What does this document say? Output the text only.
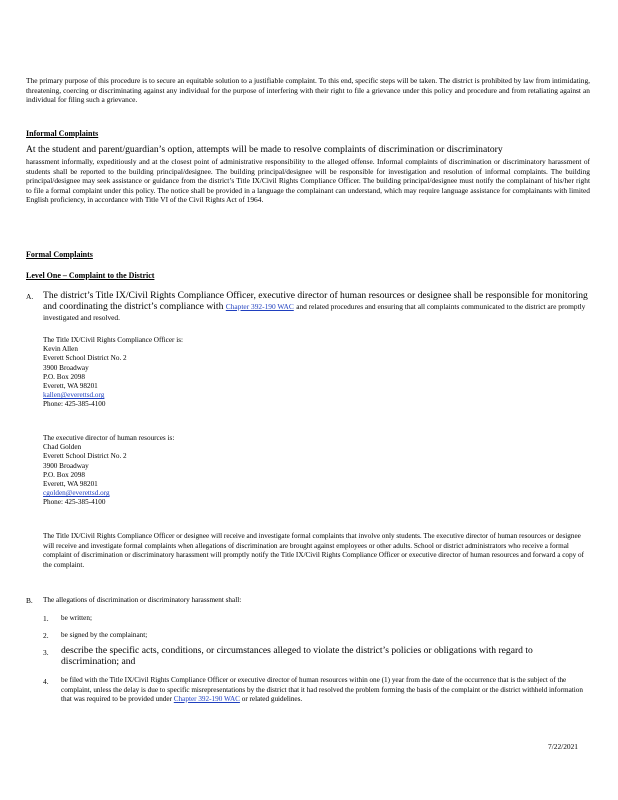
The primary purpose of this procedure is to secure an equitable solution to a justifiable complaint. To this end, specific steps will be taken. The district is prohibited by law from intimidating, threatening, coercing or discriminating against any individual for the purpose of interfering with their right to file a grievance under this policy and procedure and from retaliating against an individual for filing such a grievance.
Informal Complaints
At the student and parent/guardian’s option, attempts will be made to resolve complaints of discrimination or discriminatory
harassment informally, expeditiously and at the closest point of administrative responsibility to the alleged offense. Informal complaints of discrimination or discriminatory harassment of students shall be reported to the building principal/designee. The building principal/designee will be responsible for investigation and resolution of informal complaints. The building principal/designee may seek assistance or guidance from the district’s Title IX/Civil Rights Compliance Officer. The building principal/designee must notify the complainant of his/her right to file a formal complaint under this policy. The notice shall be provided in a language the complainant can understand, which may require language assistance for complainants with limited English proficiency, in accordance with Title VI of the Civil Rights Act of 1964.
Formal Complaints
Level One – Complaint to the District
A. The district’s Title IX/Civil Rights Compliance Officer, executive director of human resources or designee shall be responsible for monitoring and coordinating the district’s compliance with Chapter 392-190 WAC and related procedures and ensuring that all complaints communicated to the district are promptly investigated and resolved.
The Title IX/Civil Rights Compliance Officer is:
Kevin Allen
Everett School District No. 2
3900 Broadway
P.O. Box 2098
Everett, WA 98201
kallen@everettsd.org
Phone: 425-385-4100
The executive director of human resources is:
Chad Golden
Everett School District No. 2
3900 Broadway
P.O. Box 2098
Everett, WA 98201
cgolden@everettsd.org
Phone: 425-385-4100
The Title IX/Civil Rights Compliance Officer or designee will receive and investigate formal complaints that involve only students. The executive director of human resources or designee will receive and investigate formal complaints when allegations of discrimination are brought against employees or other adults. School or district administrators who receive a formal complaint of discrimination or discriminatory harassment will promptly notify the Title IX/Civil Rights Compliance Officer or executive director of human resources and forward a copy of the complaint.
B. The allegations of discrimination or discriminatory harassment shall:
1. be written;
2. be signed by the complainant;
3. describe the specific acts, conditions, or circumstances alleged to violate the district’s policies or obligations with regard to discrimination; and
4. be filed with the Title IX/Civil Rights Compliance Officer or executive director of human resources within one (1) year from the date of the occurrence that is the subject of the complaint, unless the delay is due to specific misrepresentations by the district that it had resolved the problem forming the basis of the complaint or the district withheld information that was required to be provided under Chapter 392-190 WAC or related guidelines.
7/22/2021
